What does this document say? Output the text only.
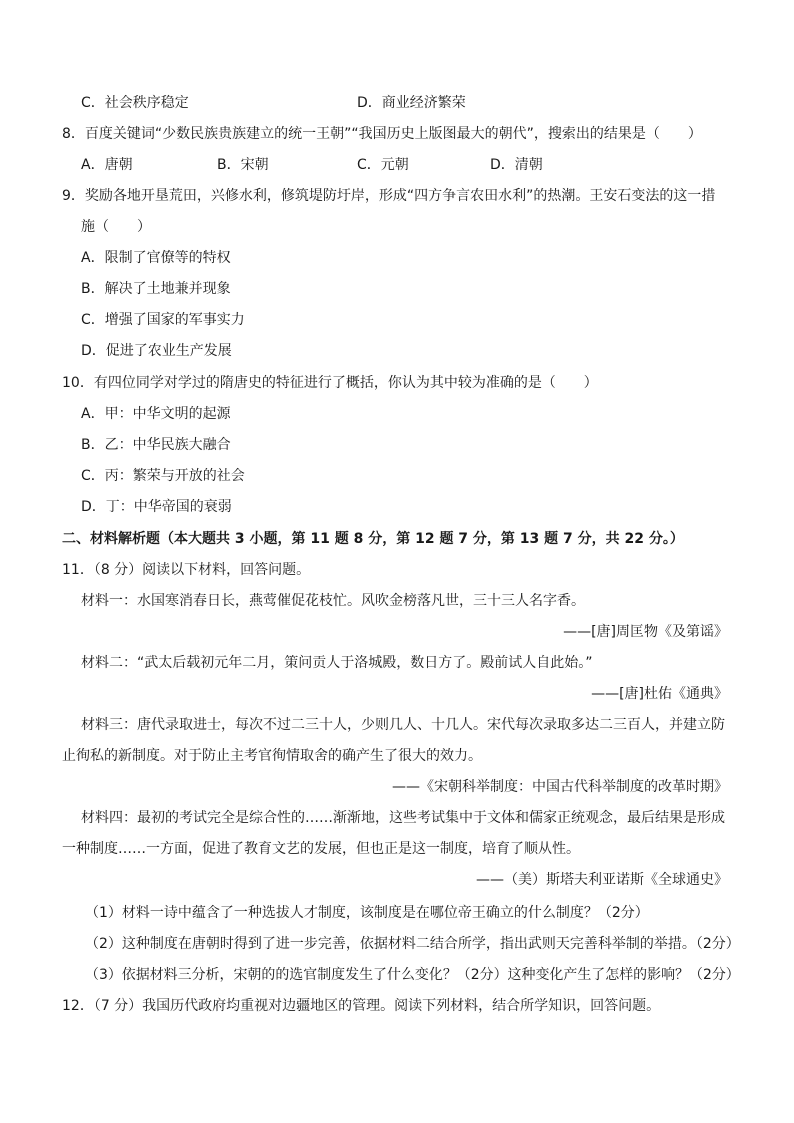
C．社会秩序稳定	D．商业经济繁荣
8．百度关键词“少数民族贵族建立的统一王朝”“我国历史上版图最大的朝代”，搜索出的结果是（　　）
A．唐朝	B．宋朝	C．元朝	D．清朝
9．奖励各地开垦荒田，兴修水利，修筑堤防圩岸，形成“四方争言农田水利”的热潮。王安石变法的这一措
施（　　）
A．限制了官僚等的特权
B．解决了土地兼并现象
C．增强了国家的军事实力
D．促进了农业生产发展
10．有四位同学对学过的隋唐史的特征进行了概括，你认为其中较为准确的是（　　）
A．甲：中华文明的起源
B．乙：中华民族大融合
C．丙：繁荣与开放的社会
D．丁：中华帝国的衰弱
二、材料解析题（本大题共 3 小题，第 11 题 8 分，第 12 题 7 分，第 13 题 7 分，共 22 分。）
11．（8 分）阅读以下材料，回答问题。
材料一：水国寒消春日长，燕莺催促花枝忙。风吹金榜落凡世，三十三人名字香。
——[唐]周匡物《及第谣》
材料二：“武太后载初元年二月，策问贡人于洛城殿，数日方了。殿前试人自此始。”
——[唐]杜佑《通典》
材料三：唐代录取进士，每次不过二三十人，少则几人、十几人。宋代每次录取多达二三百人，并建立防
止徇私的新制度。对于防止主考官徇情取舍的确产生了很大的效力。
——《宋朝科举制度：中国古代科举制度的改革时期》
材料四：最初的考试完全是综合性的……渐渐地，这些考试集中于文体和儒家正统观念，最后结果是形成
一种制度……一方面，促进了教育文艺的发展，但也正是这一制度，培育了顺从性。
——（美）斯塔夫利亚诺斯《全球通史》
（1）材料一诗中蕴含了一种选拔人才制度，该制度是在哪位帝王确立的什么制度？（2分）
（2）这种制度在唐朝时得到了进一步完善，依据材料二结合所学，指出武则天完善科举制的举措。（2分）
（3）依据材料三分析，宋朝的的选官制度发生了什么变化？（2分）这种变化产生了怎样的影响？（2分）
12．（7 分）我国历代政府均重视对边疆地区的管理。阅读下列材料，结合所学知识，回答问题。
